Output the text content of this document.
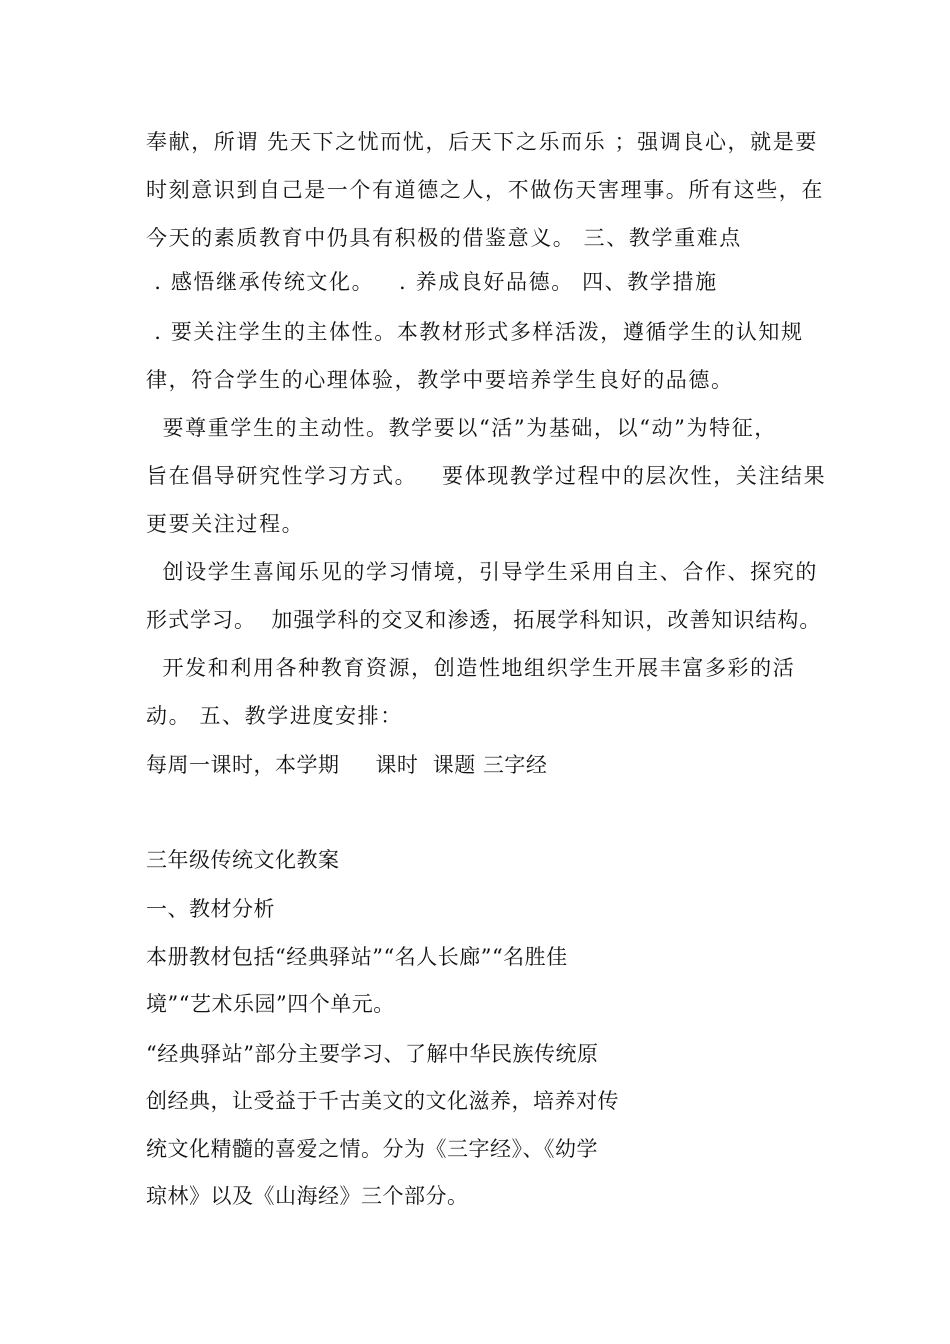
奉献，所谓 先天下之忧而忧，后天下之乐而乐 ；强调良心，就是要
时刻意识到自己是一个有道德之人，不做伤天害理事。所有这些，在
今天的素质教育中仍具有积极的借鉴意义。 三、教学重难点
. 感悟继承传统文化。   . 养成良好品德。 四、教学措施
. 要关注学生的主体性。本教材形式多样活泼，遵循学生的认知规
律，符合学生的心理体验，教学中要培养学生良好的品德。
要尊重学生的主动性。教学要以“活”为基础，以“动”为特征，
旨在倡导研究性学习方式。   要体现教学过程中的层次性，关注结果
更要关注过程。
创设学生喜闻乐见的学习情境，引导学生采用自主、合作、探究的
形式学习。  加强学科的交叉和渗透，拓展学科知识，改善知识结构。
开发和利用各种教育资源，创造性地组织学生开展丰富多彩的活
动。 五、教学进度安排：
每周一课时，本学期     课时  课题 三字经
三年级传统文化教案
一、教材分析
本册教材包括“经典驿站”“名人长廊”“名胜佳
境”“艺术乐园”四个单元。
“经典驿站”部分主要学习、了解中华民族传统原
创经典，让受益于千古美文的文化滋养，培养对传
统文化精髓的喜爱之情。分为《三字经》、《幼学
琼林》以及《山海经》三个部分。
